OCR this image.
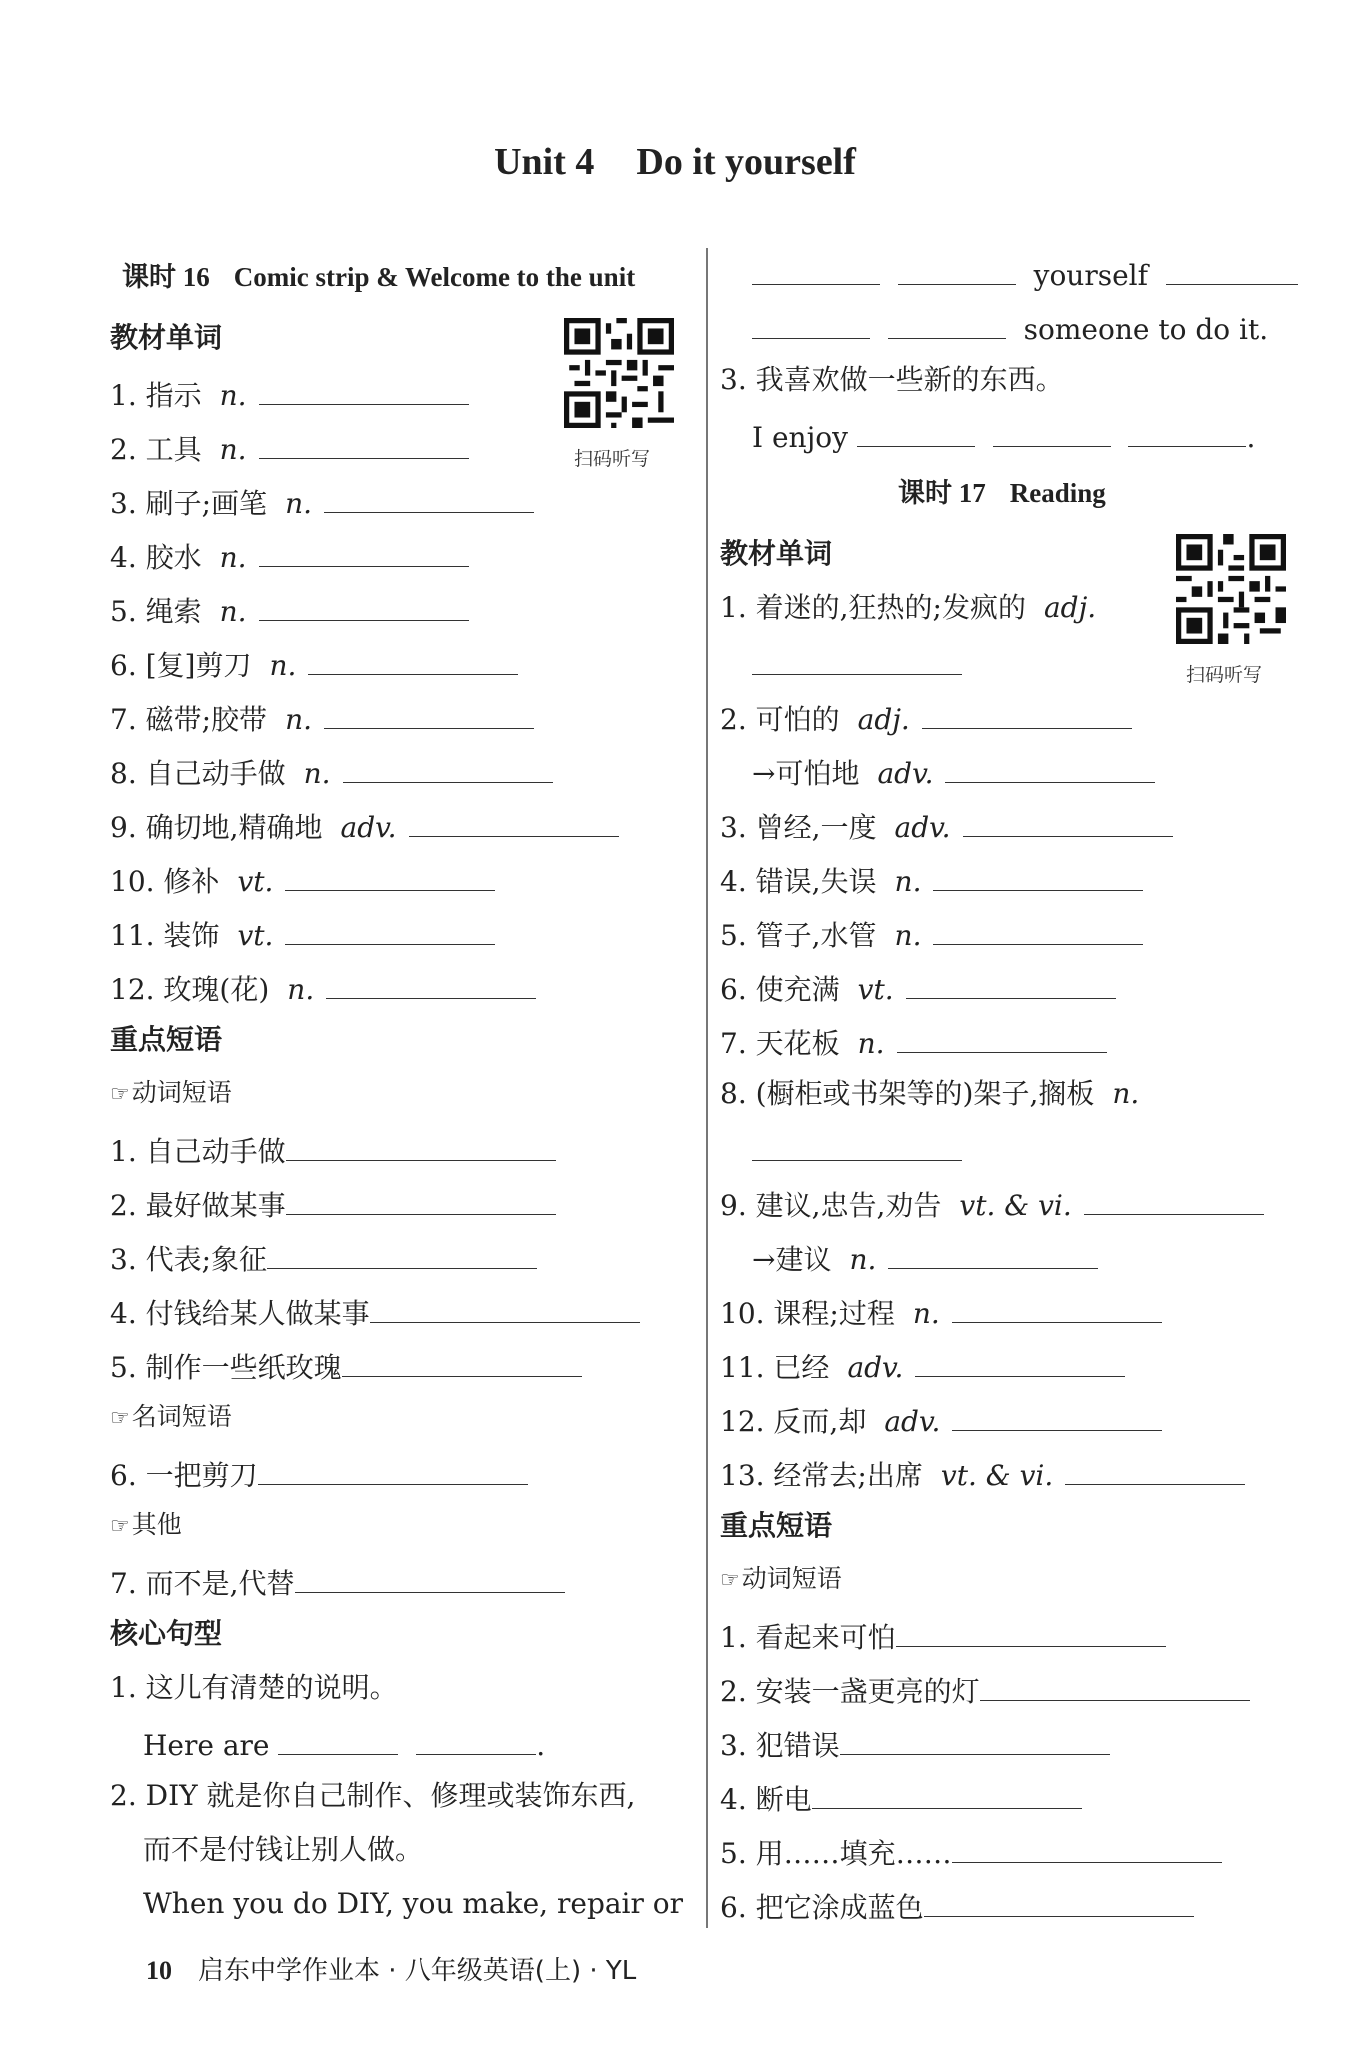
Unit 4 Do it yourself
课时 16 Comic strip & Welcome to the unit
教材单词
扫码听写
1. 指示 n.
2. 工具 n.
3. 刷子;画笔 n.
4. 胶水 n.
5. 绳索 n.
6. [复]剪刀 n.
7. 磁带;胶带 n.
8. 自己动手做 n.
9. 确切地,精确地 adv.
10. 修补 vt.
11. 装饰 vt.
12. 玫瑰(花) n.
重点短语
☞动词短语
1. 自己动手做
2. 最好做某事
3. 代表;象征
4. 付钱给某人做某事
5. 制作一些纸玫瑰
☞名词短语
6. 一把剪刀
☞其他
7. 而不是,代替
核心句型
1. 这儿有清楚的说明。
Here are	.
2. DIY 就是你自己制作、修理或装饰东西,
而不是付钱让别人做。
When you do DIY, you make, repair or
yourself
someone to do it.
3. 我喜欢做一些新的东西。
I enjoy	.
课时 17 Reading
教材单词
扫码听写
1. 着迷的,狂热的;发疯的 adj.
2. 可怕的 adj.
→可怕地 adv.
3. 曾经,一度 adv.
4. 错误,失误 n.
5. 管子,水管 n.
6. 使充满 vt.
7. 天花板 n.
8. (橱柜或书架等的)架子,搁板 n.
9. 建议,忠告,劝告 vt. & vi.
→建议 n.
10. 课程;过程 n.
11. 已经 adv.
12. 反而,却 adv.
13. 经常去;出席 vt. & vi.
重点短语
☞动词短语
1. 看起来可怕
2. 安装一盏更亮的灯
3. 犯错误
4. 断电
5. 用……填充……
6. 把它涂成蓝色
10 启东中学作业本 · 八年级英语(上) · YL
